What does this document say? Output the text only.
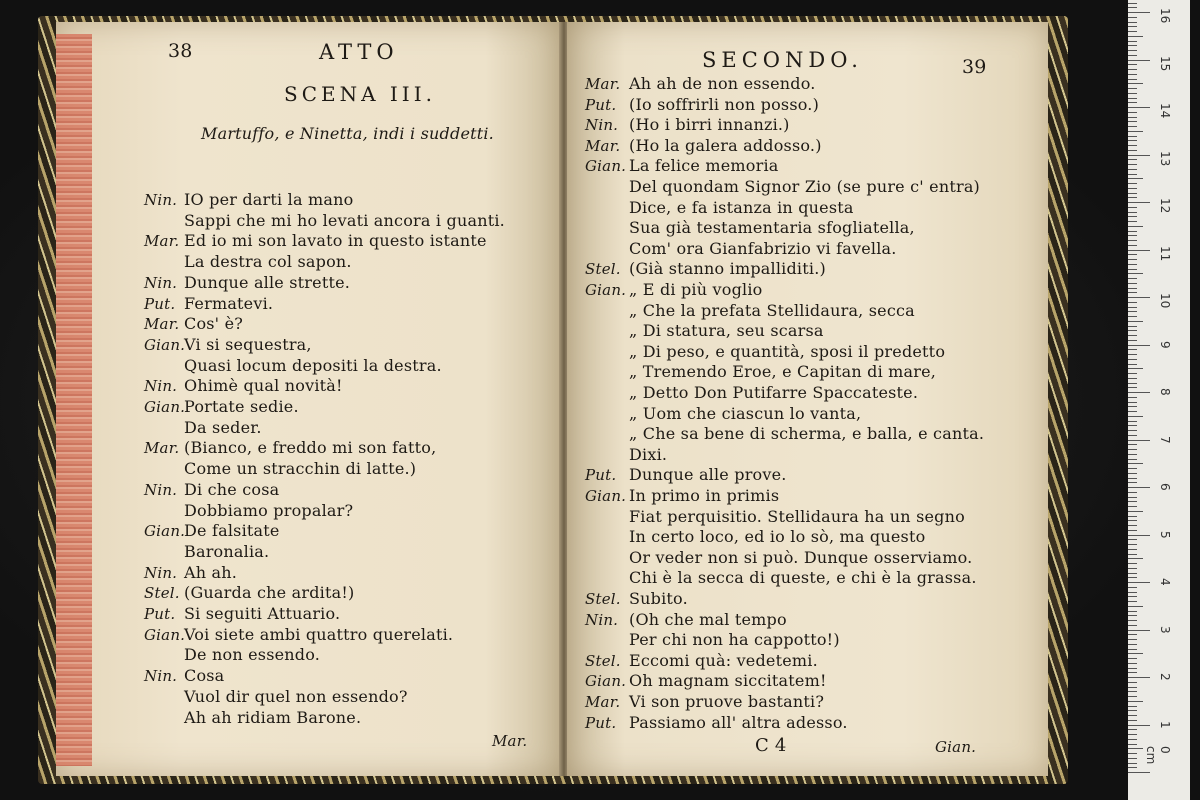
38	ATTO
SCENA III.
Martuffo, e Ninetta, indi i suddetti.
Nin. IO per darti la mano
Sappi che mi ho levati ancora i guanti.
Mar. Ed io mi son lavato in questo istante
La destra col sapon.
Nin. Dunque alle strette.
Put. Fermatevi.
Mar. Cos' è?
Gian.
Vi si sequestra,
Quasi locum depositi la destra.
Nin. Ohimè qual novità!
Gian.
Portate sedie.
Da seder.
Mar. (Bianco, e freddo mi son fatto,
Come un stracchin di latte.)
Nin. Di che cosa
Dobbiamo propalar?
Gian.
De falsitate
Baronalia.
Nin. Ah ah.
Stel. (Guarda che ardita!)
Put. Si seguiti Attuario.
Gian.
Voi siete ambi quattro querelati.
De non essendo.
Nin. Cosa
Vuol dir quel non essendo?
Ah ah ridiam Barone.
Mar.
SECONDO.	39
Mar. Ah ah de non essendo.
Put. (Io soffrirli non posso.)
Nin. (Ho i birri innanzi.)
Mar. (Ho la galera addosso.)
Gian. La felice memoria
Del quondam Signor Zio (se pure c' entra)
Dice, e fa istanza in questa
Sua già testamentaria sfogliatella,
Com' ora Gianfabrizio vi favella.
Stel. (Già stanno impalliditi.)
Gian. „ E di più voglio
„ Che la prefata Stellidaura, secca
„ Di statura, seu scarsa
„ Di peso, e quantità, sposi il predetto
„ Tremendo Eroe, e Capitan di mare,
„ Detto Don Putifarre Spaccateste.
„ Uom che ciascun lo vanta,
„ Che sa bene di scherma, e balla, e canta.
Dixi.
Put. Dunque alle prove.
Gian. In primo in primis
Fiat perquisitio. Stellidaura ha un segno
In certo loco, ed io lo sò, ma questo
Or veder non si può. Dunque osserviamo.
Chi è la secca di queste, e chi è la grassa.
Stel. Subito.
Nin. (Oh che mal tempo
Per chi non ha cappotto!)
Stel. Eccomi quà: vedetemi.
Gian. Oh magnam siccitatem!
Mar. Vi son pruove bastanti?
Put. Passiamo all' altra adesso.
C 4	Gian.	0 cm
1
2
3
4
5
6
7
8
9
10
11
12
13
14
15
16
